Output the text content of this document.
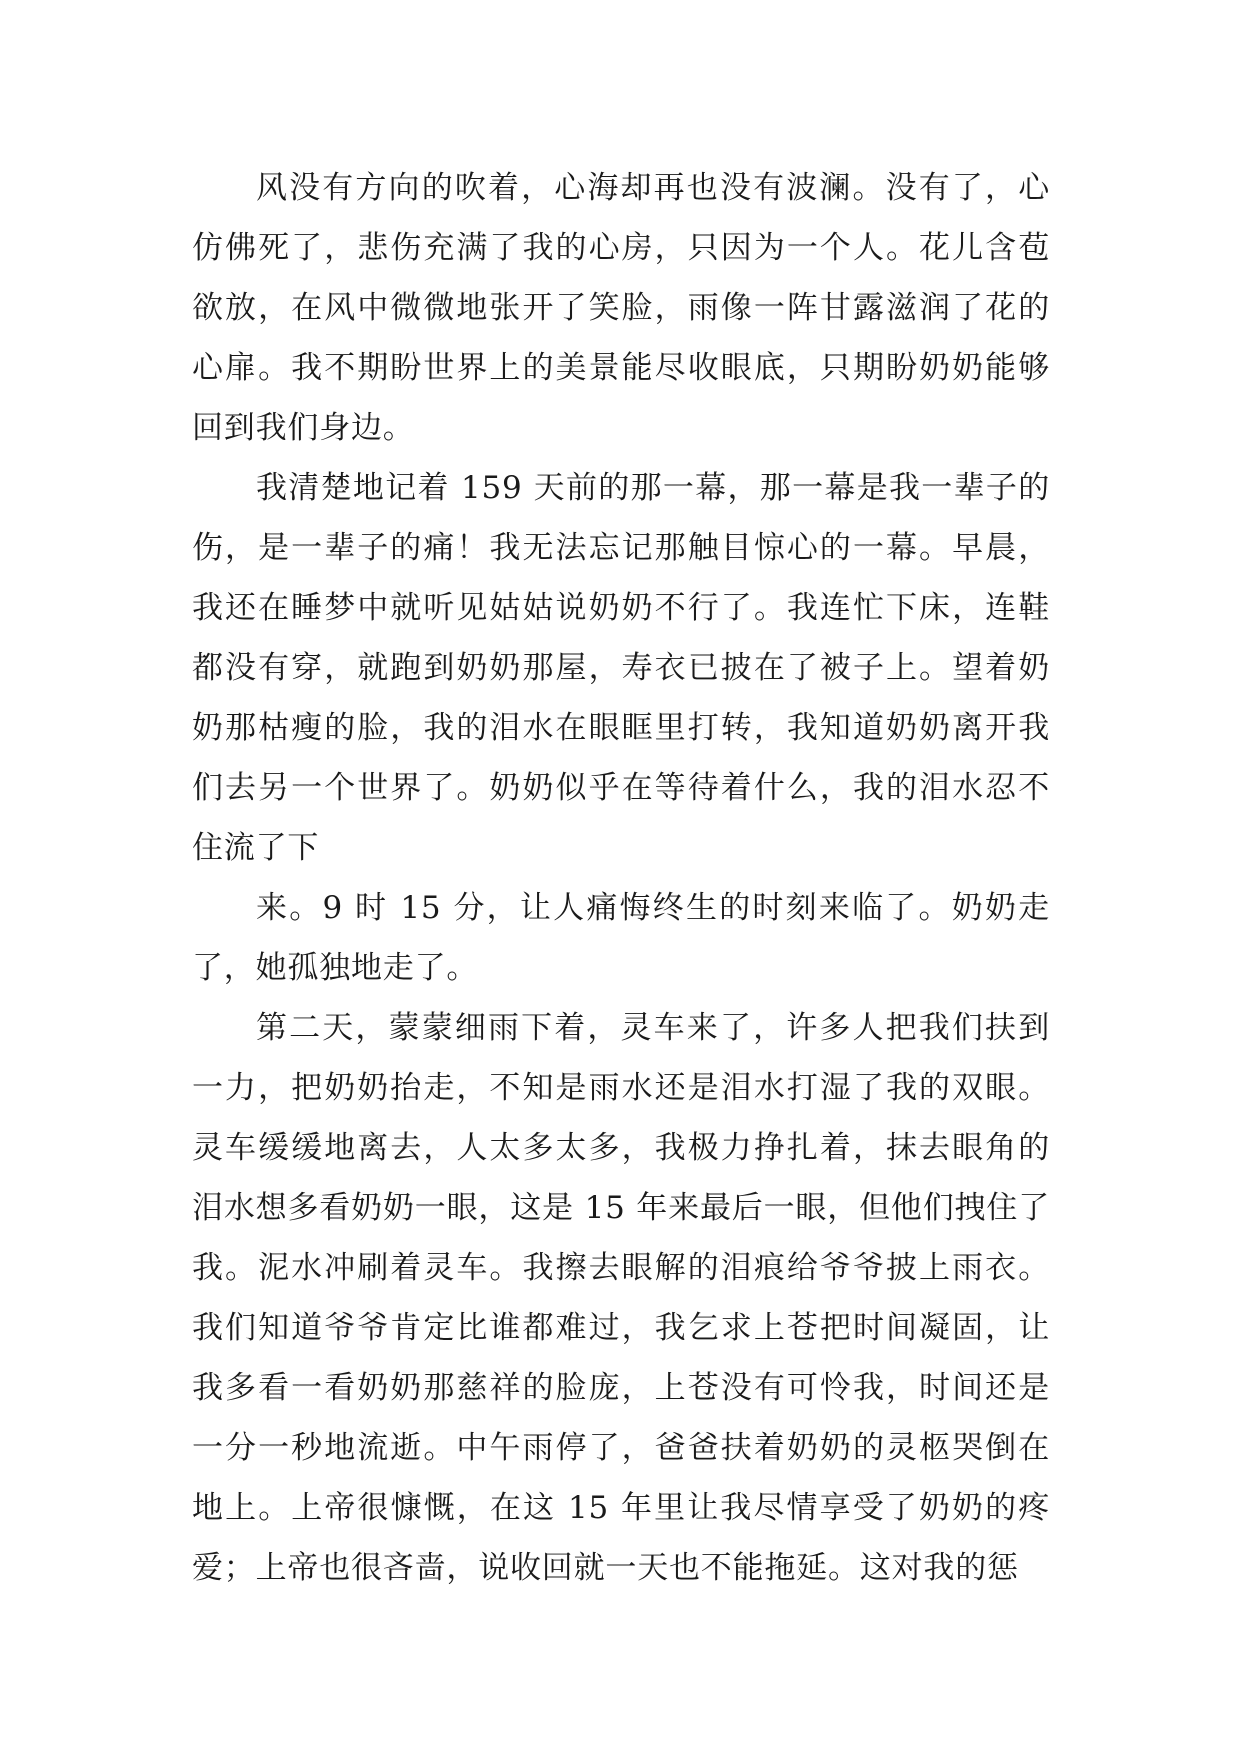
风没有方向的吹着，心海却再也没有波澜。没有了，心仿佛死了，悲伤充满了我的心房，只因为一个人。花儿含苞欲放，在风中微微地张开了笑脸，雨像一阵甘露滋润了花的心扉。我不期盼世界上的美景能尽收眼底，只期盼奶奶能够回到我们身边。

我清楚地记着 159 天前的那一幕，那一幕是我一辈子的伤，是一辈子的痛！我无法忘记那触目惊心的一幕。早晨，我还在睡梦中就听见姑姑说奶奶不行了。我连忙下床，连鞋都没有穿，就跑到奶奶那屋，寿衣已披在了被子上。望着奶奶那枯瘦的脸，我的泪水在眼眶里打转，我知道奶奶离开我们去另一个世界了。奶奶似乎在等待着什么，我的泪水忍不住流了下

来。9 时 15 分，让人痛悔终生的时刻来临了。奶奶走了，她孤独地走了。

第二天，蒙蒙细雨下着，灵车来了，许多人把我们扶到一力，把奶奶抬走，不知是雨水还是泪水打湿了我的双眼。灵车缓缓地离去，人太多太多，我极力挣扎着，抹去眼角的泪水想多看奶奶一眼，这是 15 年来最后一眼，但他们拽住了我。泥水冲刷着灵车。我擦去眼解的泪痕给爷爷披上雨衣。我们知道爷爷肯定比谁都难过，我乞求上苍把时间凝固，让我多看一看奶奶那慈祥的脸庞，上苍没有可怜我，时间还是一分一秒地流逝。中午雨停了，爸爸扶着奶奶的灵柩哭倒在地上。上帝很慷慨，在这 15 年里让我尽情享受了奶奶的疼爱；上帝也很吝啬，说收回就一天也不能拖延。这对我的惩
